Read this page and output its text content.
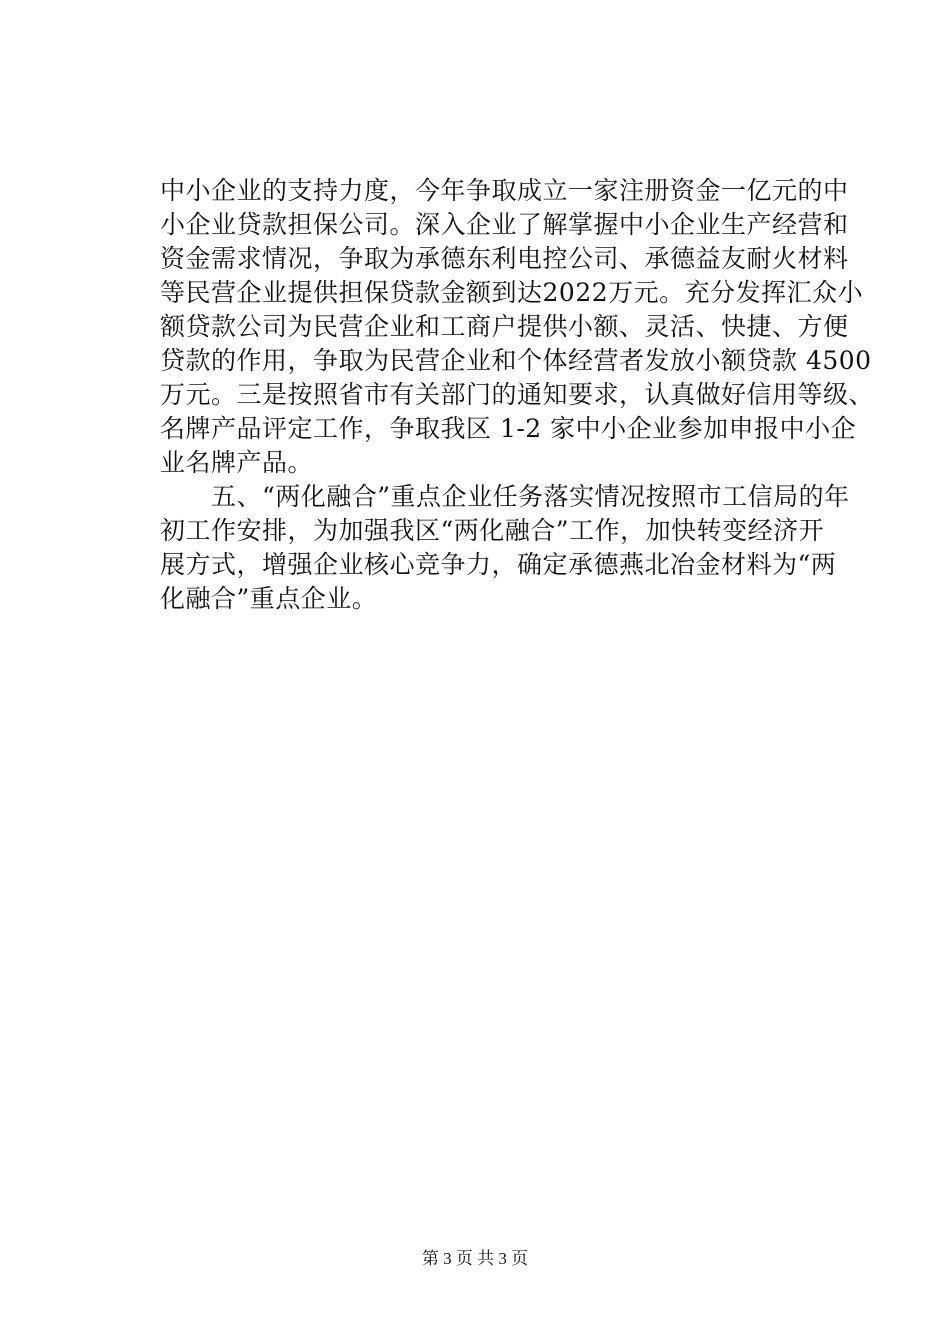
中小企业的支持力度，今年争取成立一家注册资金一亿元的中
小企业贷款担保公司。深入企业了解掌握中小企业生产经营和
资金需求情况，争取为承德东利电控公司、承德益友耐火材料
等民营企业提供担保贷款金额到达2022万元。充分发挥汇众小
额贷款公司为民营企业和工商户提供小额、灵活、快捷、方便
贷款的作用，争取为民营企业和个体经营者发放小额贷款 4500
万元。三是按照省市有关部门的通知要求，认真做好信用等级、
名牌产品评定工作，争取我区 1-2 家中小企业参加申报中小企
业名牌产品。
　　五、“两化融合”重点企业任务落实情况按照市工信局的年
初工作安排，为加强我区“两化融合”工作，加快转变经济开
展方式，增强企业核心竞争力，确定承德燕北冶金材料为“两
化融合”重点企业。
第 3 页 共 3 页
